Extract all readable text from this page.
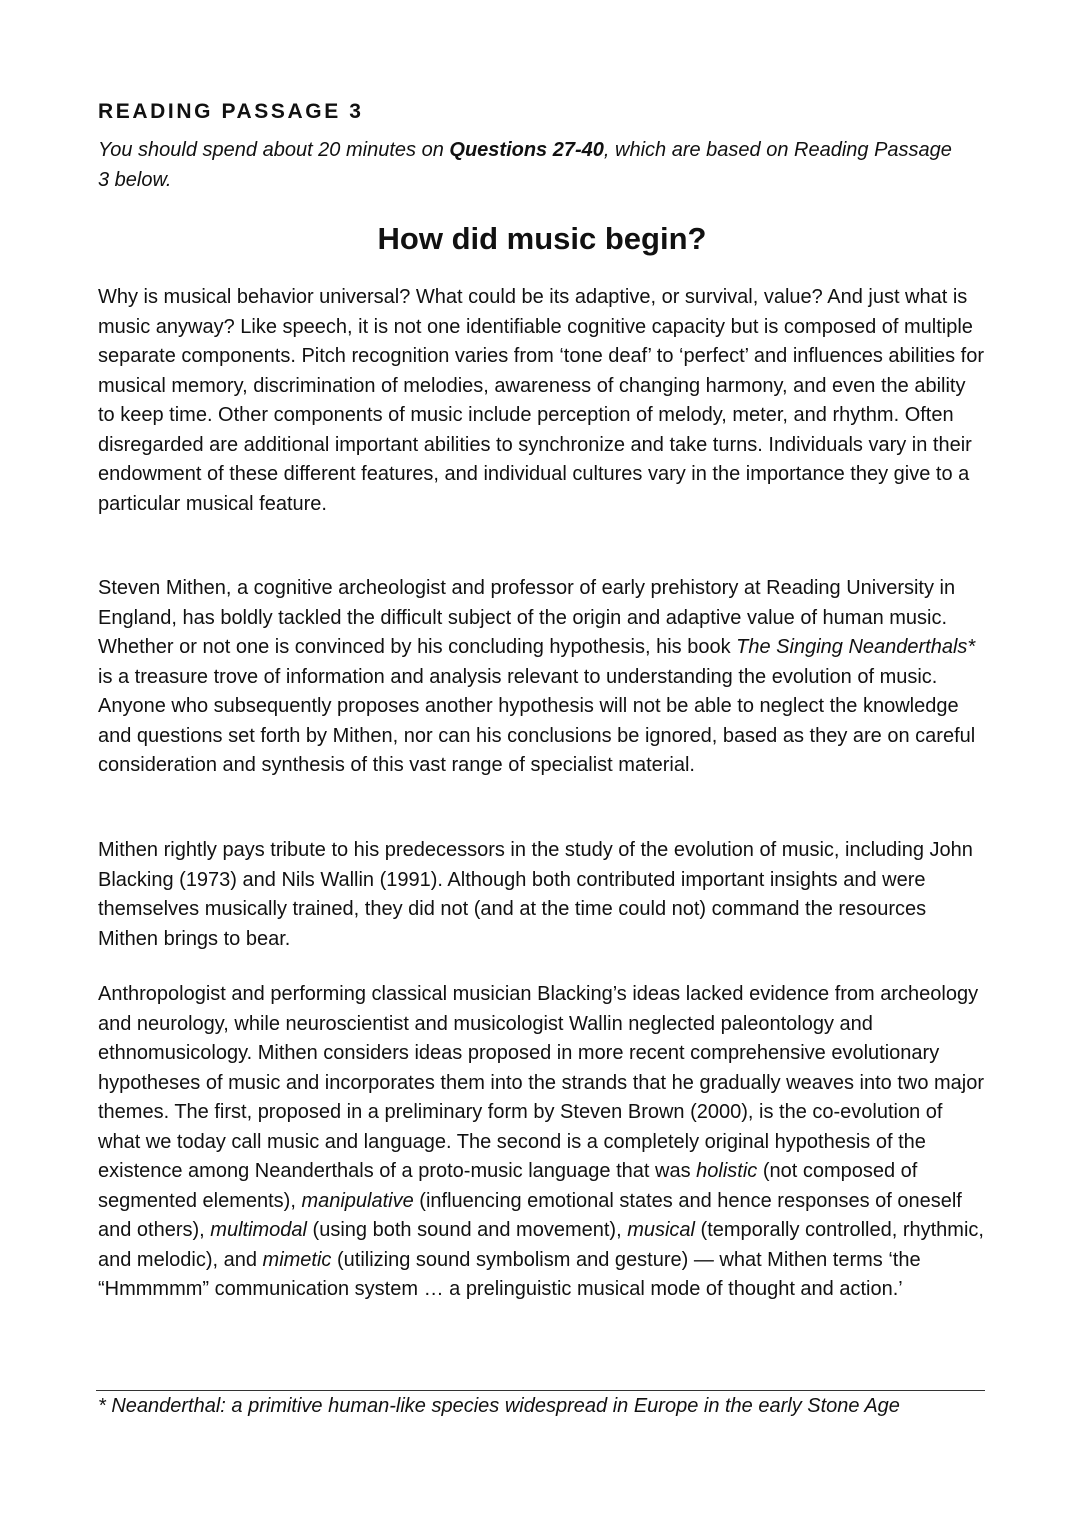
READING PASSAGE 3

You should spend about 20 minutes on Questions 27-40, which are based on Reading Passage 3 below.

How did music begin?

Why is musical behavior universal? What could be its adaptive, or survival, value? And just what is music anyway? Like speech, it is not one identifiable cognitive capacity but is composed of multiple separate components. Pitch recognition varies from ‘tone deaf’ to ‘perfect’ and influences abilities for musical memory, discrimination of melodies, awareness of changing harmony, and even the ability to keep time. Other components of music include perception of melody, meter, and rhythm. Often disregarded are additional important abilities to synchronize and take turns. Individuals vary in their endowment of these different features, and individual cultures vary in the importance they give to a particular musical feature.

Steven Mithen, a cognitive archeologist and professor of early prehistory at Reading University in England, has boldly tackled the difficult subject of the origin and adaptive value of human music. Whether or not one is convinced by his concluding hypothesis, his book The Singing Neanderthals* is a treasure trove of information and analysis relevant to understanding the evolution of music. Anyone who subsequently proposes another hypothesis will not be able to neglect the knowledge and questions set forth by Mithen, nor can his conclusions be ignored, based as they are on careful consideration and synthesis of this vast range of specialist material.

Mithen rightly pays tribute to his predecessors in the study of the evolution of music, including John Blacking (1973) and Nils Wallin (1991). Although both contributed important insights and were themselves musically trained, they did not (and at the time could not) command the resources Mithen brings to bear.

Anthropologist and performing classical musician Blacking’s ideas lacked evidence from archeology and neurology, while neuroscientist and musicologist Wallin neglected paleontology and ethnomusicology. Mithen considers ideas proposed in more recent comprehensive evolutionary hypotheses of music and incorporates them into the strands that he gradually weaves into two major themes. The first, proposed in a preliminary form by Steven Brown (2000), is the co-evolution of what we today call music and language. The second is a completely original hypothesis of the existence among Neanderthals of a proto-music language that was holistic (not composed of segmented elements), manipulative (influencing emotional states and hence responses of oneself and others), multimodal (using both sound and movement), musical (temporally controlled, rhythmic, and melodic), and mimetic (utilizing sound symbolism and gesture) — what Mithen terms ‘the “Hmmmmm” communication system … a prelinguistic musical mode of thought and action.’

* Neanderthal: a primitive human-like species widespread in Europe in the early Stone Age
